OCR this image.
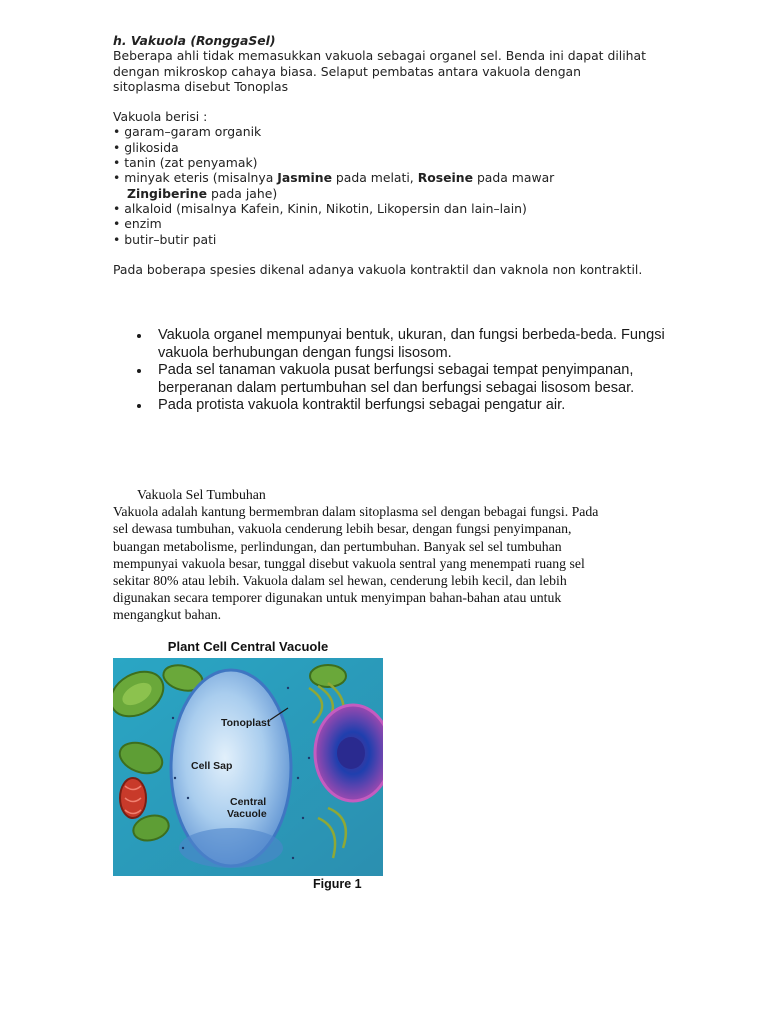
h. Vakuola (RonggaSel)

Beberapa ahli tidak memasukkan vakuola sebagai organel sel. Benda ini dapat dilihat

dengan mikroskop cahaya biasa. Selaput pembatas antara vakuola dengan

sitoplasma disebut Tonoplas

Vakuola berisi :

• garam–garam organik
• glikosida
• tanin (zat penyamak)
• minyak eteris (misalnya Jasmine pada melati, Roseine pada mawar
Zingiberine pada jahe)
• alkaloid (misalnya Kafein, Kinin, Nikotin, Likopersin dan lain–lain)
• enzim
• butir–butir pati

Pada boberapa spesies dikenal adanya vakuola kontraktil dan vaknola non kontraktil.

Vakuola organel mempunyai bentuk, ukuran, dan fungsi berbeda-beda. Fungsi vakuola berhubungan dengan fungsi lisosom.
Pada sel tanaman vakuola pusat berfungsi sebagai tempat penyimpanan, berperanan dalam pertumbuhan sel dan berfungsi sebagai lisosom besar.
Pada protista vakuola kontraktil berfungsi sebagai pengatur air.

Vakuola Sel Tumbuhan

Vakuola adalah kantung bermembran dalam sitoplasma sel dengan bebagai fungsi. Pada

sel dewasa tumbuhan, vakuola cenderung lebih besar, dengan fungsi penyimpanan,

buangan metabolisme, perlindungan, dan pertumbuhan. Banyak sel sel tumbuhan

mempunyai vakuola besar, tunggal disebut vakuola sentral yang menempati ruang sel

sekitar 80% atau lebih. Vakuola dalam sel hewan, cenderung lebih kecil, dan lebih

digunakan secara temporer digunakan untuk menyimpan bahan-bahan atau untuk

mengangkut bahan.

Plant Cell Central Vacuole
Tonoplast
Cell Sap
Central
Vacuole
Figure 1
